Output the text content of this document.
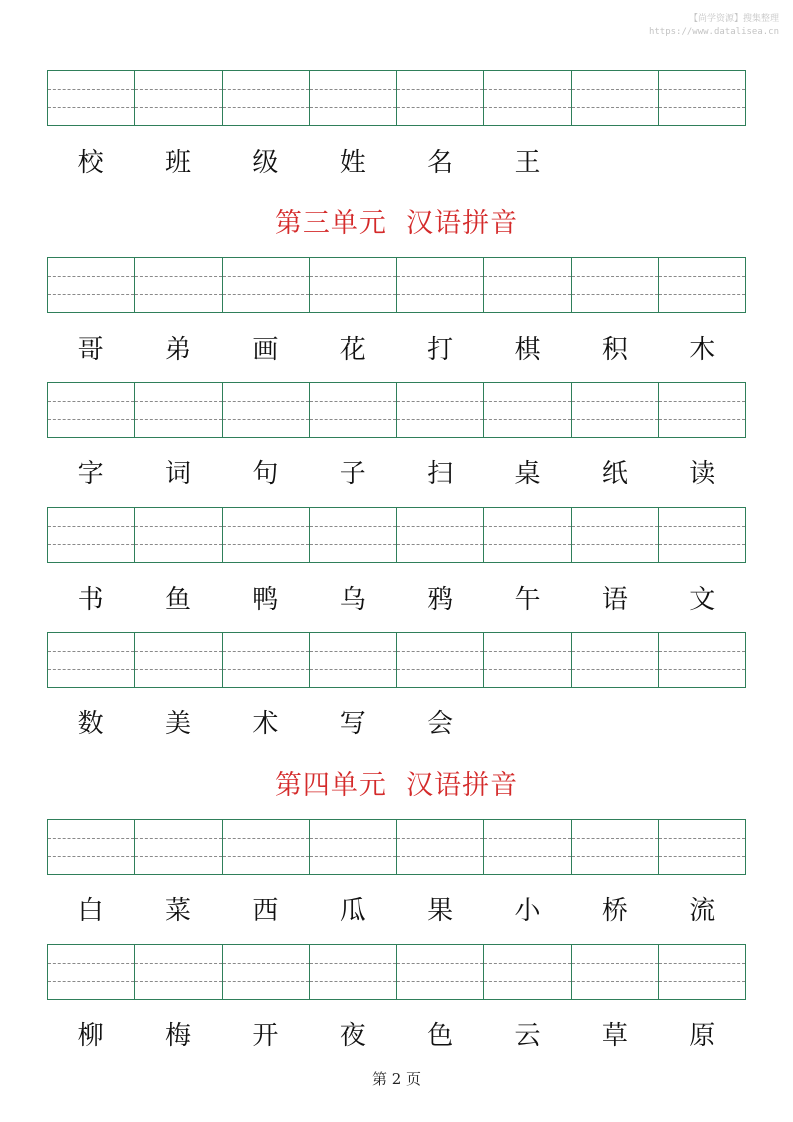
【尚学资源】搜集整理
https://www.datalisea.cn
校	班	级	姓	名	王
第三单元  汉语拼音
哥	弟	画	花	打	棋	积	木
字	词	句	子	扫	桌	纸	读
书	鱼	鸭	乌	鸦	午	语	文
数	美	术	写	会
第四单元  汉语拼音
白	菜	西	瓜	果	小	桥	流
柳	梅	开	夜	色	云	草	原
第 2 页
